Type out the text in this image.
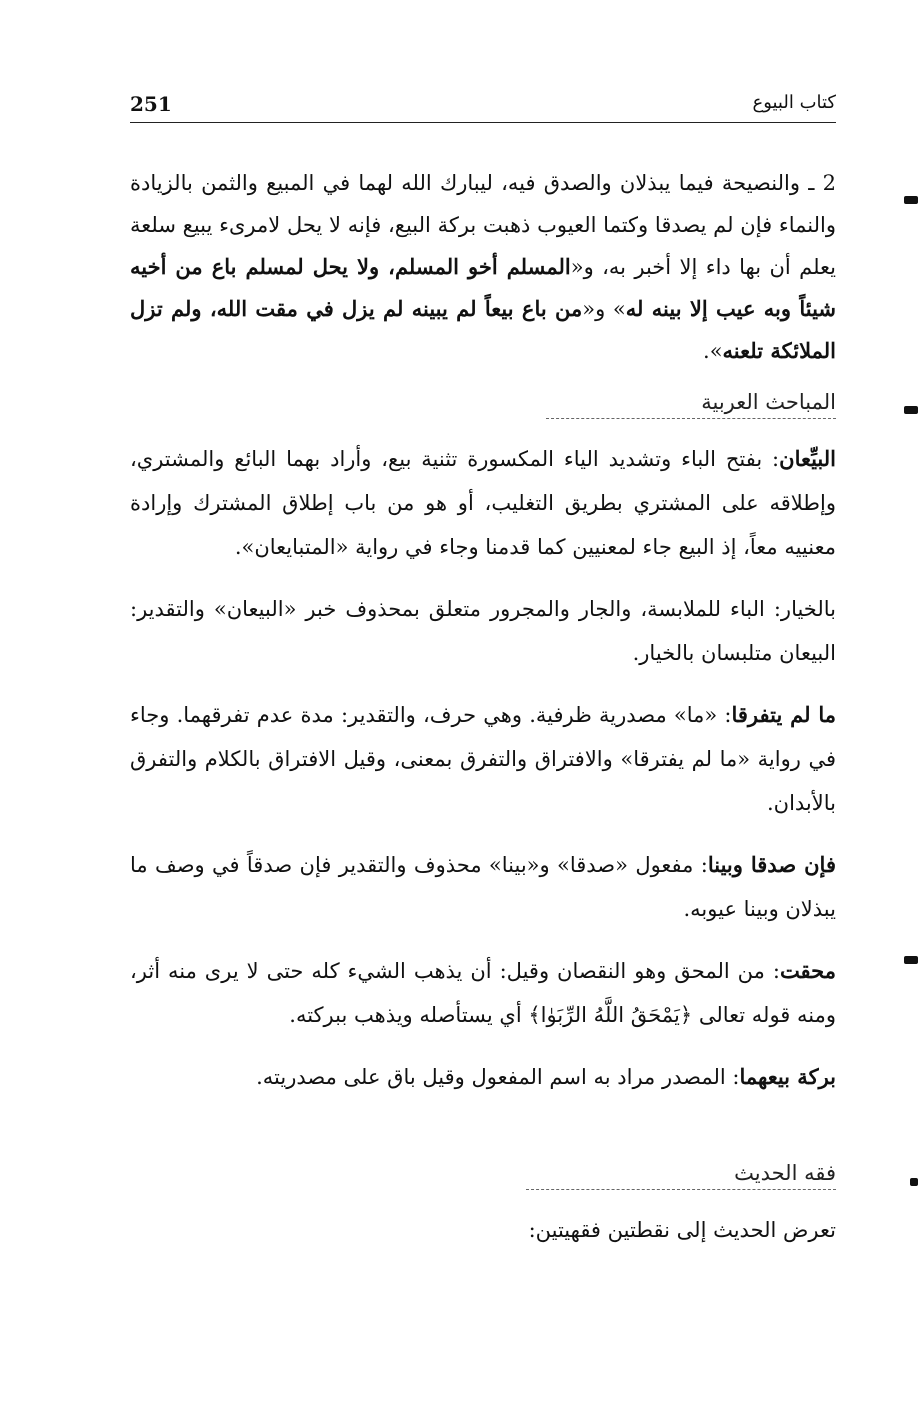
251	كتاب البيوع

2 ـ والنصيحة فيما يبذلان والصدق فيه، ليبارك الله لهما في المبيع والثمن بالزيادة والنماء فإن لم يصدقا وكتما العيوب ذهبت بركة البيع، فإنه لا يحل لامرىء يبيع سلعة يعلم أن بها داء إلا أخبر به، و«المسلم أخو المسلم، ولا يحل لمسلم باع من أخيه شيئاً وبه عيب إلا بينه له» و«من باع بيعاً لم يبينه لم يزل في مقت الله، ولم تزل الملائكة تلعنه».

المباحث العربية

البيِّعان: بفتح الباء وتشديد الياء المكسورة تثنية بيع، وأراد بهما البائع والمشتري، وإطلاقه على المشتري بطريق التغليب، أو هو من باب إطلاق المشترك وإرادة معنييه معاً، إذ البيع جاء لمعنيين كما قدمنا وجاء في رواية «المتبايعان».

بالخيار: الباء للملابسة، والجار والمجرور متعلق بمحذوف خبر «البيعان» والتقدير: البيعان متلبسان بالخيار.

ما لم يتفرقا: «ما» مصدرية ظرفية. وهي حرف، والتقدير: مدة عدم تفرقهما. وجاء في رواية «ما لم يفترقا» والافتراق والتفرق بمعنى، وقيل الافتراق بالكلام والتفرق بالأبدان.

فإن صدقا وبينا: مفعول «صدقا» و«بينا» محذوف والتقدير فإن صدقاً في وصف ما يبذلان وبينا عيوبه.

محقت: من المحق وهو النقصان وقيل: أن يذهب الشيء كله حتى لا يرى منه أثر، ومنه قوله تعالى ﴿يَمْحَقُ اللَّهُ الرِّبَوٰا﴾ أي يستأصله ويذهب ببركته.

بركة بيعهما: المصدر مراد به اسم المفعول وقيل باق على مصدريته.

فقه الحديث

تعرض الحديث إلى نقطتين فقهيتين:
